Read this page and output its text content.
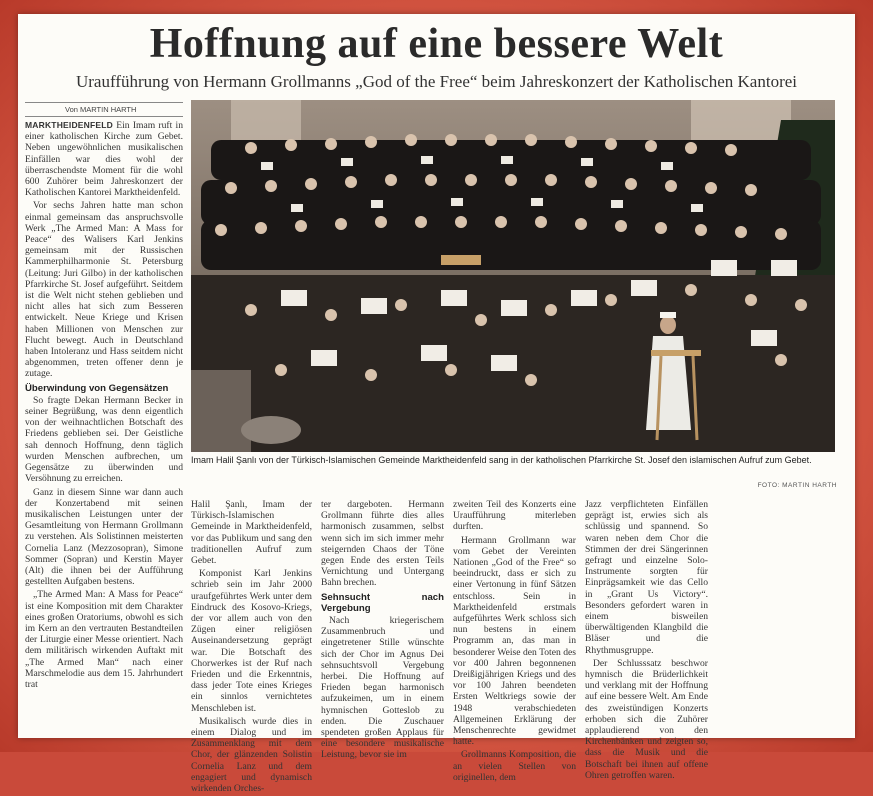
Hoffnung auf eine bessere Welt
Uraufführung von Hermann Grollmanns „God of the Free“ beim Jahreskonzert der Katholischen Kantorei
Von MARTIN HARTH

MARKTHEIDENFELD Ein Imam ruft in einer katholischen Kirche zum Gebet. Neben ungewöhnlichen musikalischen Einfällen war dies wohl der überraschendste Moment für die wohl 600 Zuhörer beim Jahreskonzert der Katholischen Kantorei Marktheidenfeld.

Vor sechs Jahren hatte man schon einmal gemeinsam das anspruchsvolle Werk „The Armed Man: A Mass for Peace“ des Walisers Karl Jenkins gemeinsam mit der Russischen Kammerphilharmonie St. Petersburg (Leitung: Juri Gilbo) in der katholischen Pfarrkirche St. Josef aufgeführt. Seitdem ist die Welt nicht stehen geblieben und nicht alles hat sich zum Besseren entwickelt. Neue Kriege und Krisen haben Millionen von Menschen zur Flucht bewegt. Auch in Deutschland haben Intoleranz und Hass seitdem nicht abgenommen, treten offener denn je zutage.

Überwindung von Gegensätzen

So fragte Dekan Hermann Becker in seiner Begrüßung, was denn eigentlich von der weihnachtlichen Botschaft des Friedens geblieben sei. Der Geistliche sah dennoch Hoffnung, denn täglich wurden Menschen aufbrechen, um Gegensätze zu überwinden und Versöhnung zu erreichen.

Ganz in diesem Sinne war dann auch der Konzertabend mit seinen musikalischen Leistungen unter der Gesamtleitung von Hermann Grollmann zu verstehen. Als Solistinnen meisterten Cornelia Lanz (Mezzosopran), Simone Sommer (Sopran) und Kerstin Mayer (Alt) die ihnen bei der Aufführung gestellten Aufgaben bestens.

„The Armed Man: A Mass for Peace“ ist eine Komposition mit dem Charakter eines großen Oratoriums, obwohl es sich im Kern an den vertrauten Bestandteilen der Liturgie einer Messe orientiert. Nach dem militärisch wirkenden Auftakt mit „The Armed Man“ nach einer Marschmelodie aus dem 15. Jahrhundert trat

Imam Halil Şanlı von der Türkisch-Islamischen Gemeinde Marktheidenfeld sang in der katholischen Pfarrkirche St. Josef den islamischen Aufruf zum Gebet.
FOTO: MARTIN HARTH

Halil Şanlı, Imam der Türkisch-Islamischen Gemeinde in Marktheidenfeld, vor das Publikum und sang den traditionellen Aufruf zum Gebet.

Komponist Karl Jenkins schrieb sein im Jahr 2000 uraufgeführtes Werk unter dem Eindruck des Kosovo-Kriegs, der vor allem auch von den Zügen einer religiösen Auseinandersetzung geprägt war. Die Botschaft des Chorwerkes ist der Ruf nach Frieden und die Erkenntnis, dass jeder Tote eines Krieges ein sinnlos vernichtetes Menschleben ist.

Musikalisch wurde dies in einem Dialog und im Zusammenklang mit dem Chor, der glänzenden Solistin Cornelia Lanz und dem engagiert und dynamisch wirkenden Orches-

ter dargeboten. Hermann Grollmann führte dies alles harmonisch zusammen, selbst wenn sich im sich immer mehr steigernden Chaos der Töne gegen Ende des ersten Teils Vernichtung und Untergang Bahn brechen.

Sehnsucht nach Vergebung

Nach kriegerischem Zusammenbruch und eingetretener Stille wünschte sich der Chor im Agnus Dei sehnsuchtsvoll Vergebung herbei. Die Hoffnung auf Frieden began harmonisch aufzukeimen, um in einem hymnischen Gotteslob zu enden. Die Zuschauer spendeten großen Applaus für eine besondere musikalische Leistung, bevor sie im

zweiten Teil des Konzerts eine Uraufführung miterleben durften.

Hermann Grollmann war vom Gebet der Vereinten Nationen „God of the Free“ so beeindruckt, dass er sich zu einer Vertonung in fünf Sätzen entschloss. Sein in Marktheidenfeld erstmals aufgeführtes Werk schloss sich nun bestens in einem Programm an, das man in besonderer Weise den Toten des vor 400 Jahren begonnenen Dreißigjährigen Kriegs und des vor 100 Jahren beendeten Ersten Weltkriegs sowie der 1948 verabschiedeten Allgemeinen Erklärung der Menschenrechte gewidmet hatte.

Grollmanns Komposition, die an vielen Stellen von originellen, dem

Jazz verpflichteten Einfällen geprägt ist, erwies sich als schlüssig und spannend. So waren neben dem Chor die Stimmen der drei Sängerinnen gefragt und einzelne Solo-Instrumente sorgten für Einprägsamkeit wie das Cello in „Grant Us Victory“. Besonders gefordert waren in einem bisweilen überwältigenden Klangbild die Bläser und die Rhythmusgruppe.

Der Schlusssatz beschwor hymnisch die Brüderlichkeit und verklang mit der Hoffnung auf eine bessere Welt. Am Ende des zweistündigen Konzerts erhoben sich die Zuhörer applaudierend von den Kirchenbänken und zeigten so, dass die Musik und die Botschaft bei ihnen auf offene Ohren getroffen waren.
